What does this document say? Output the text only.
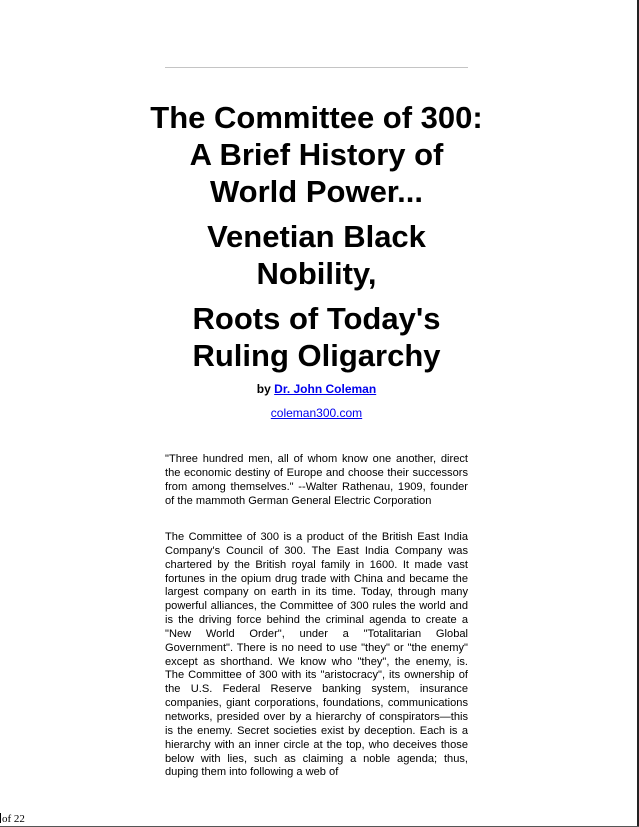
The Committee of 300: A Brief History of World Power...
Venetian Black Nobility,
Roots of Today's Ruling Oligarchy
by Dr. John Coleman
coleman300.com

"Three hundred men, all of whom know one another, direct the economic destiny of Europe and choose their successors from among themselves." --Walter Rathenau, 1909, founder of the mammoth German General Electric Corporation

The Committee of 300 is a product of the British East India Company's Council of 300. The East India Company was chartered by the British royal family in 1600. It made vast fortunes in the opium drug trade with China and became the largest company on earth in its time. Today, through many powerful alliances, the Committee of 300 rules the world and is the driving force behind the criminal agenda to create a "New World Order", under a "Totalitarian Global Government". There is no need to use "they" or "the enemy" except as shorthand. We know who "they", the enemy, is. The Committee of 300 with its "aristocracy", its ownership of the U.S. Federal Reserve banking system, insurance companies, giant corporations, foundations, communications networks, presided over by a hierarchy of conspirators—this is the enemy. Secret societies exist by deception. Each is a hierarchy with an inner circle at the top, who deceives those below with lies, such as claiming a noble agenda; thus, duping them into following a web of

of 22
